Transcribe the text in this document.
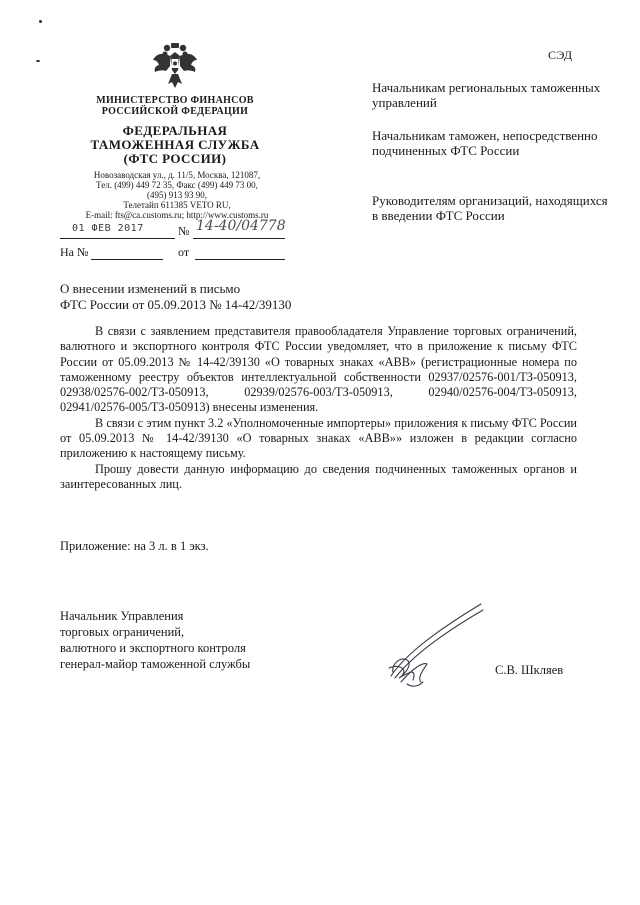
СЭД
МИНИСТЕРСТВО ФИНАНСОВ
РОССИЙСКОЙ ФЕДЕРАЦИИ
ФЕДЕРАЛЬНАЯ
ТАМОЖЕННАЯ СЛУЖБА
(ФТС РОССИИ)
Новозаводская ул., д. 11/5, Москва, 121087,
Тел. (499) 449 72 35, Факс (499) 449 73 00,
(495) 913 93 90,
Телетайп 611385 VETO RU,
E-mail: fts@ca.customs.ru; http://www.customs.ru
01 ФЕВ 2017	№ 14-40/04778
На №	от
Начальникам региональных таможенных управлений
Начальникам таможен, непосредственно подчиненных ФТС России
Руководителям организаций, находящихся в введении ФТС России
О внесении изменений в письмо
ФТС России от 05.09.2013 № 14-42/39130

В связи с заявлением представителя правообладателя Управление торговых ограничений, валютного и экспортного контроля ФТС России уведомляет, что в приложение к письму ФТС России от 05.09.2013 № 14-42/39130 «О товарных знаках «ABB» (регистрационные номера по таможенному реестру объектов интеллектуальной собственности 02937/02576-001/ТЗ-050913, 02938/02576-002/ТЗ-050913, 02939/02576-003/ТЗ-050913, 02940/02576-004/ТЗ-050913, 02941/02576-005/ТЗ-050913) внесены изменения.

В связи с этим пункт 3.2 «Уполномоченные импортеры» приложения к письму ФТС России от 05.09.2013 № 14-42/39130 «О товарных знаках «ABB»» изложен в редакции согласно приложению к настоящему письму.

Прошу довести данную информацию до сведения подчиненных таможенных органов и заинтересованных лиц.

Приложение: на 3 л. в 1 экз.
Начальник Управления
торговых ограничений,
валютного и экспортного контроля
генерал-майор таможенной службы	С.В. Шкляев
